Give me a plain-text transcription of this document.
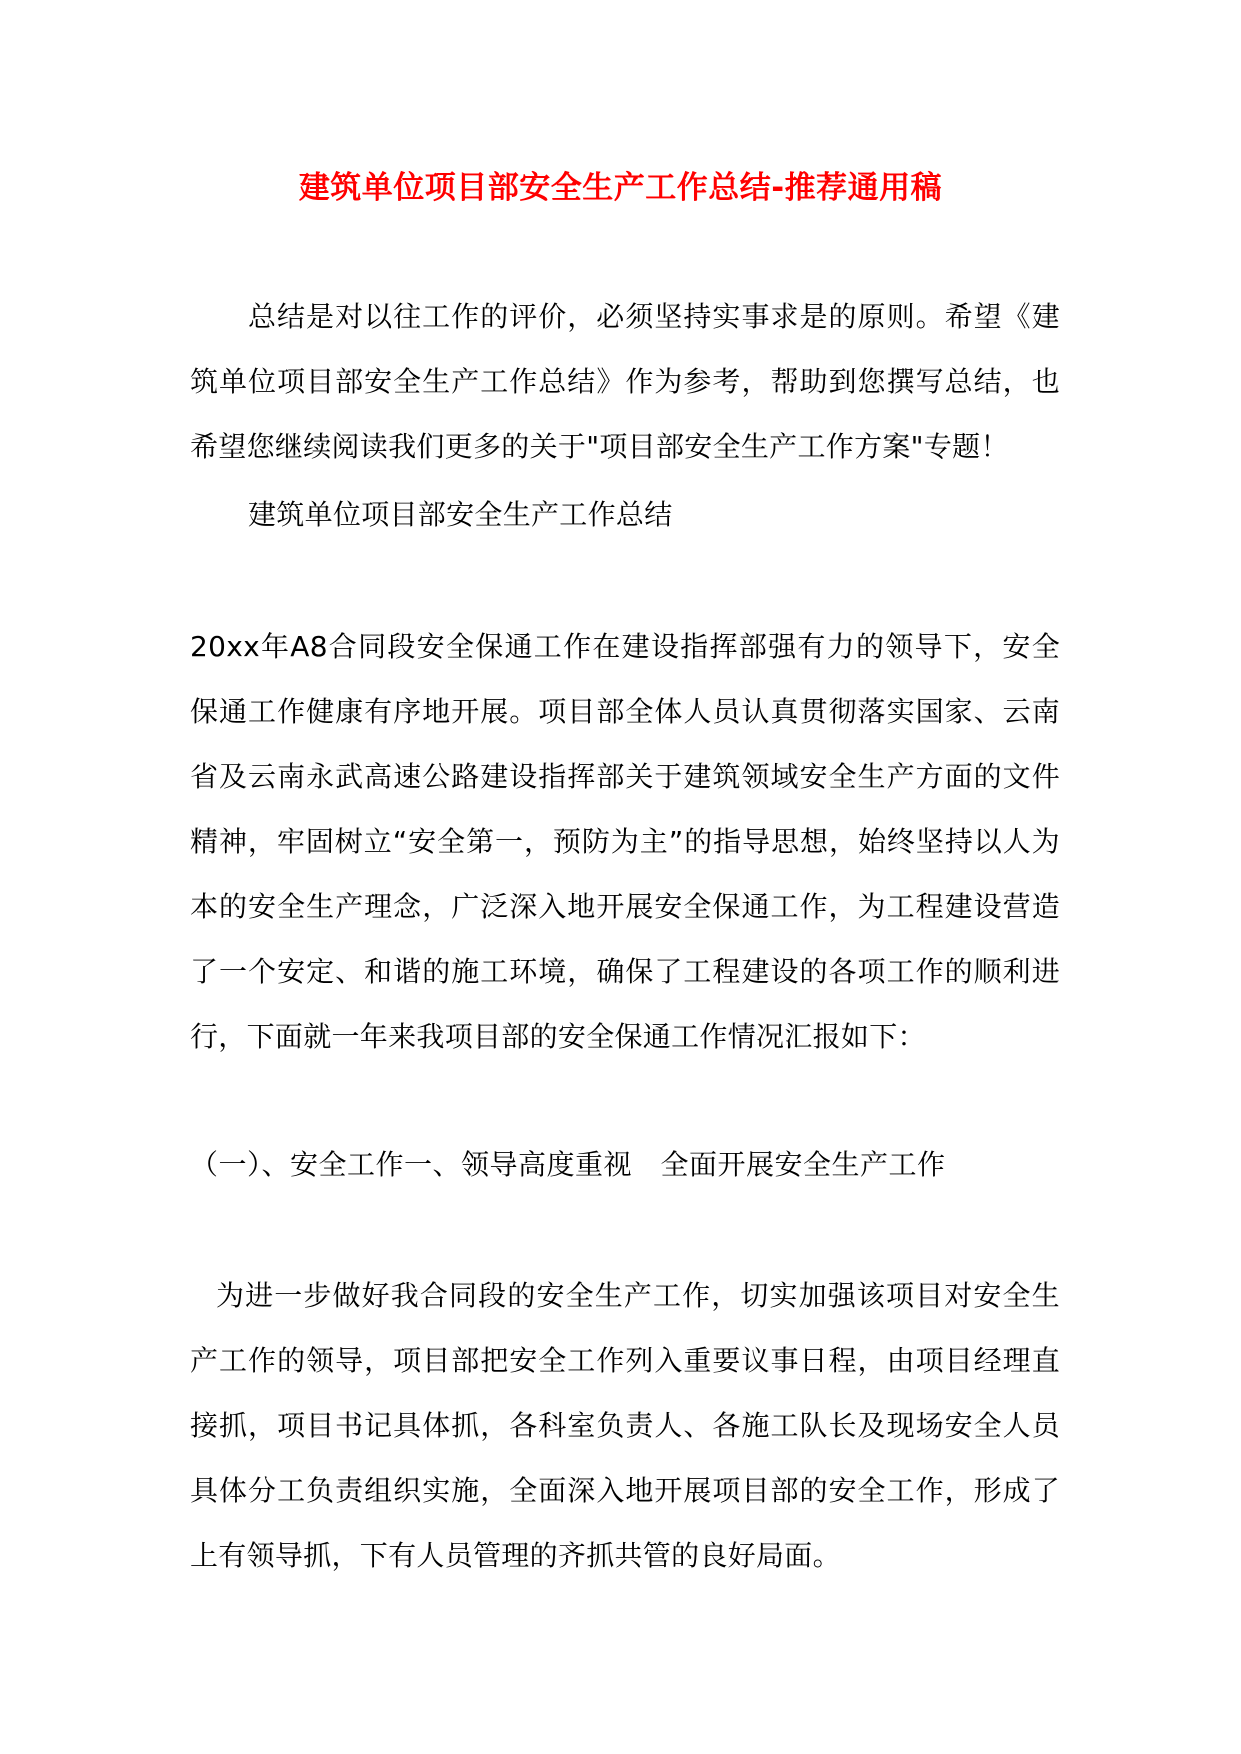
建筑单位项目部安全生产工作总结-推荐通用稿

总结是对以往工作的评价，必须坚持实事求是的原则。希望《建筑单位项目部安全生产工作总结》作为参考，帮助到您撰写总结，也希望您继续阅读我们更多的关于"项目部安全生产工作方案"专题！

建筑单位项目部安全生产工作总结

20xx年A8合同段安全保通工作在建设指挥部强有力的领导下，安全保通工作健康有序地开展。项目部全体人员认真贯彻落实国家、云南省及云南永武高速公路建设指挥部关于建筑领域安全生产方面的文件精神，牢固树立“安全第一，预防为主”的指导思想，始终坚持以人为本的安全生产理念，广泛深入地开展安全保通工作，为工程建设营造了一个安定、和谐的施工环境，确保了工程建设的各项工作的顺利进行，下面就一年来我项目部的安全保通工作情况汇报如下：

（一）、安全工作一、领导高度重视　全面开展安全生产工作

为进一步做好我合同段的安全生产工作，切实加强该项目对安全生产工作的领导，项目部把安全工作列入重要议事日程，由项目经理直接抓，项目书记具体抓，各科室负责人、各施工队长及现场安全人员具体分工负责组织实施，全面深入地开展项目部的安全工作，形成了上有领导抓，下有人员管理的齐抓共管的良好局面。
